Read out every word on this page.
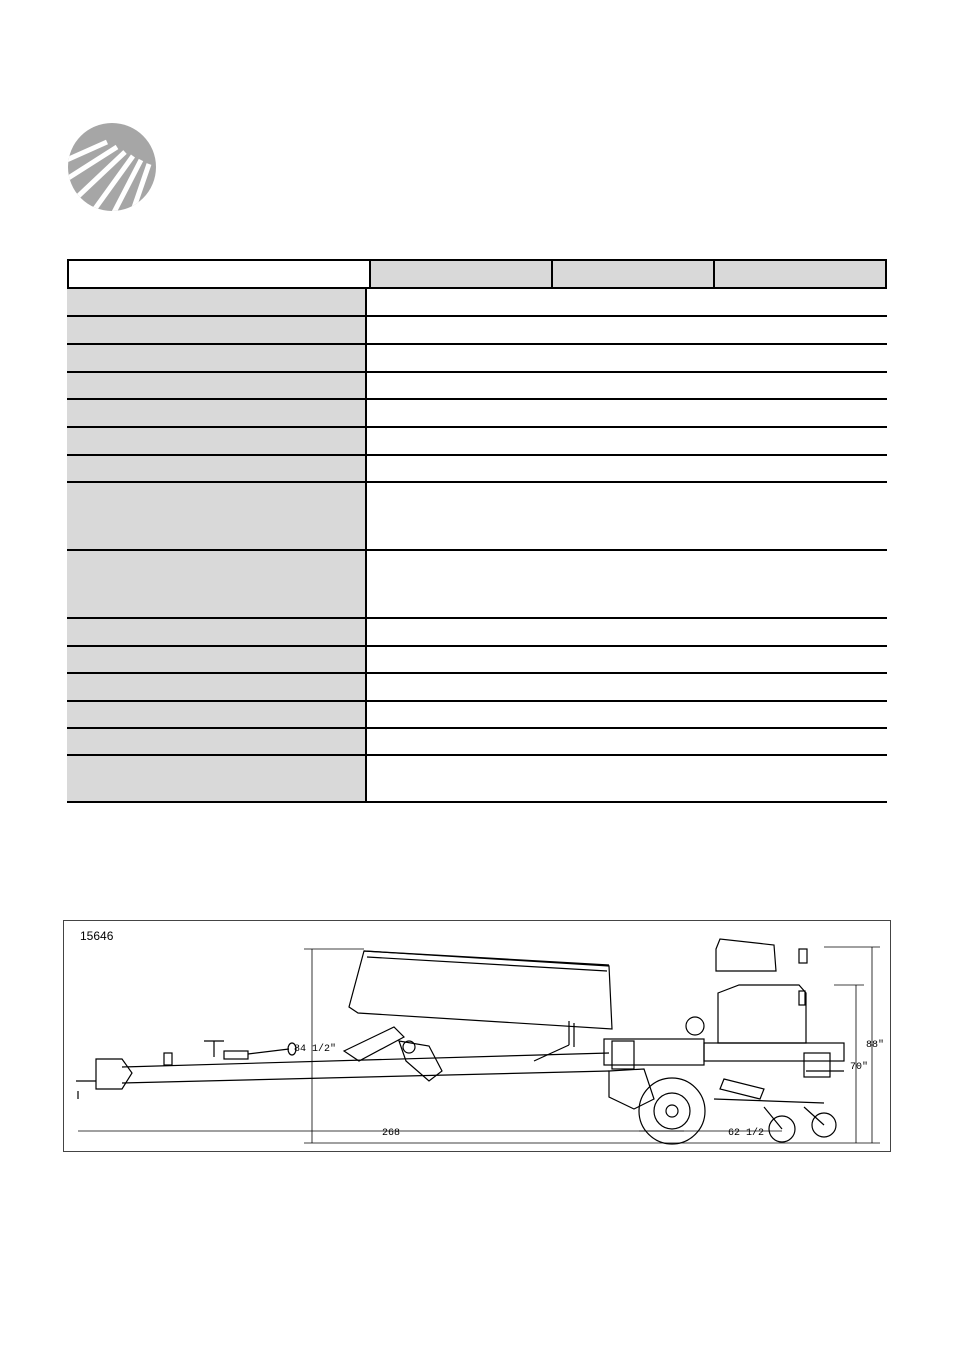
15646
84 1/2"
268	62 1/2
70"
88"
